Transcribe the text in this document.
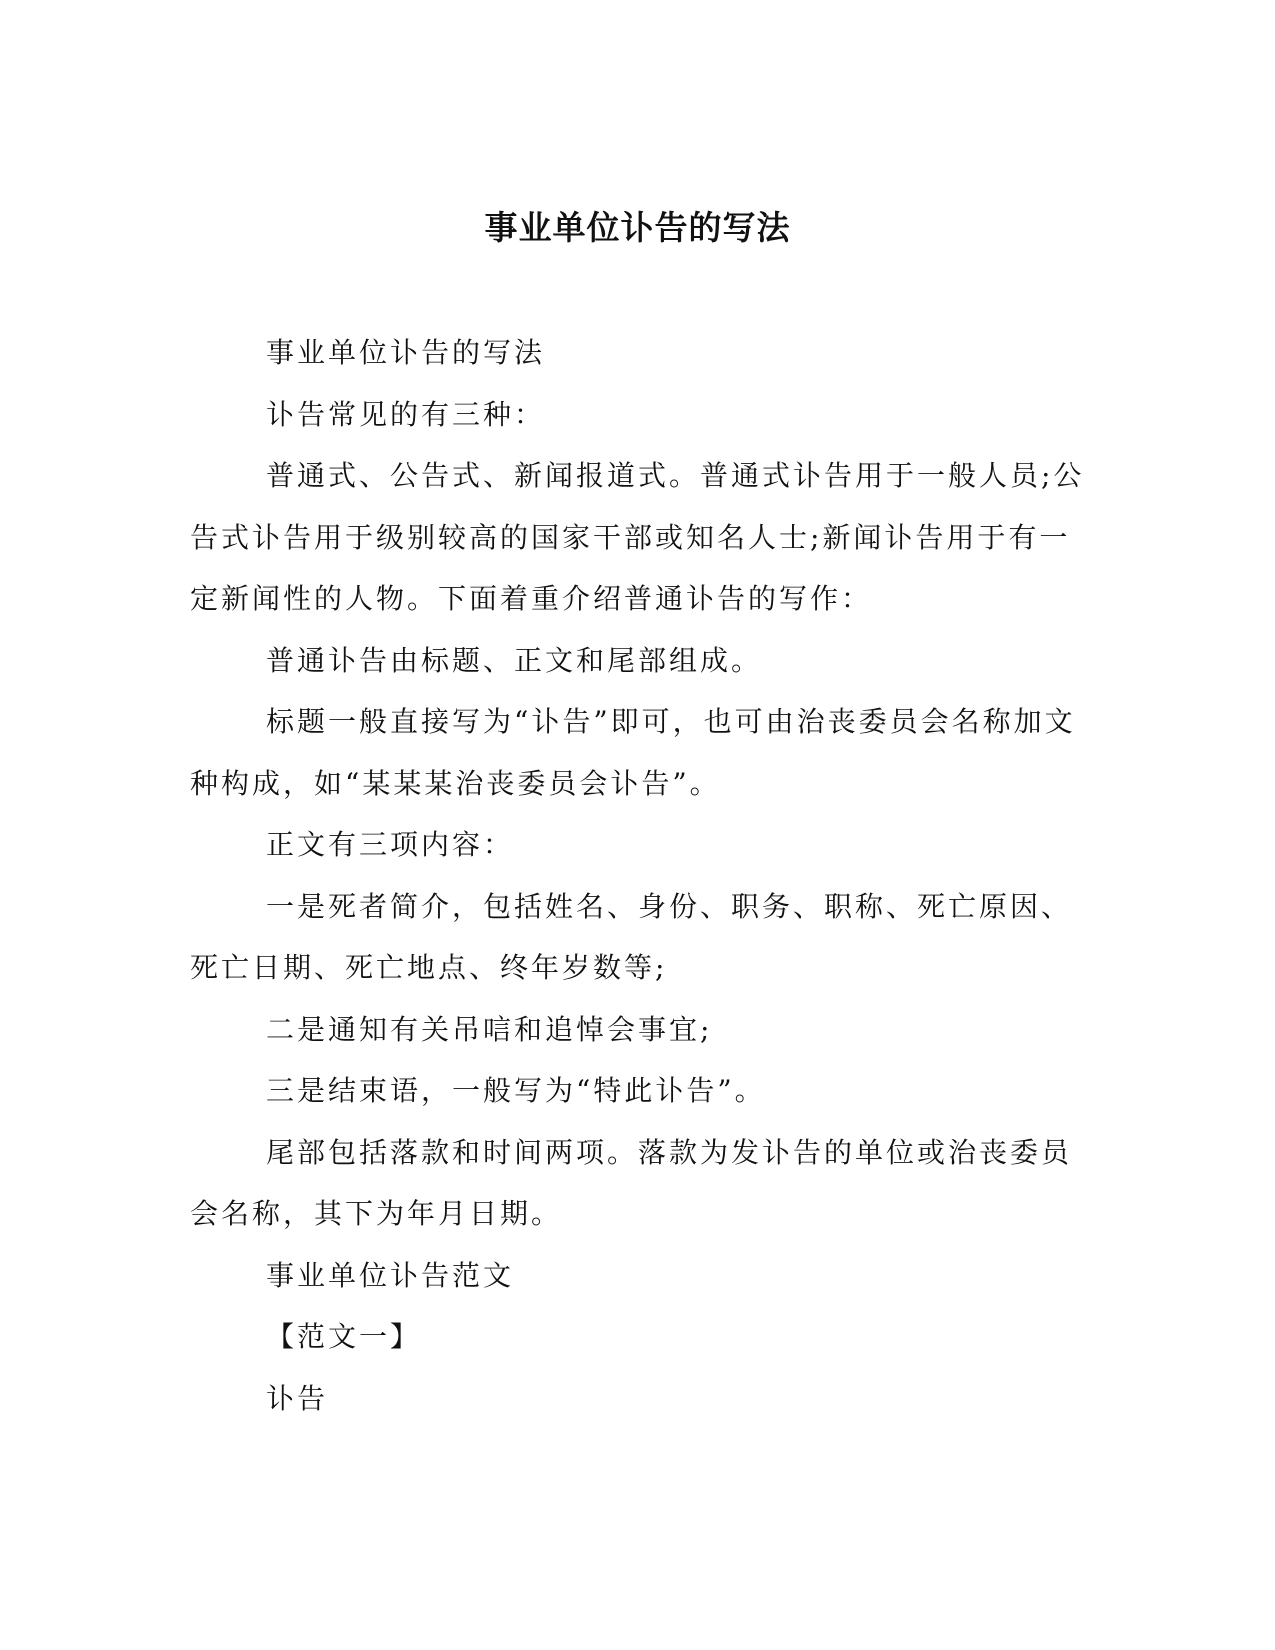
事业单位讣告的写法

事业单位讣告的写法

讣告常见的有三种：

普通式、公告式、新闻报道式。普通式讣告用于一般人员;公告式讣告用于级别较高的国家干部或知名人士;新闻讣告用于有一定新闻性的人物。下面着重介绍普通讣告的写作：

普通讣告由标题、正文和尾部组成。

标题一般直接写为“讣告”即可，也可由治丧委员会名称加文种构成，如“某某某治丧委员会讣告”。

正文有三项内容：

一是死者简介，包括姓名、身份、职务、职称、死亡原因、死亡日期、死亡地点、终年岁数等;

二是通知有关吊唁和追悼会事宜;

三是结束语，一般写为“特此讣告”。

尾部包括落款和时间两项。落款为发讣告的单位或治丧委员会名称，其下为年月日期。

事业单位讣告范文

【范文一】

讣告
